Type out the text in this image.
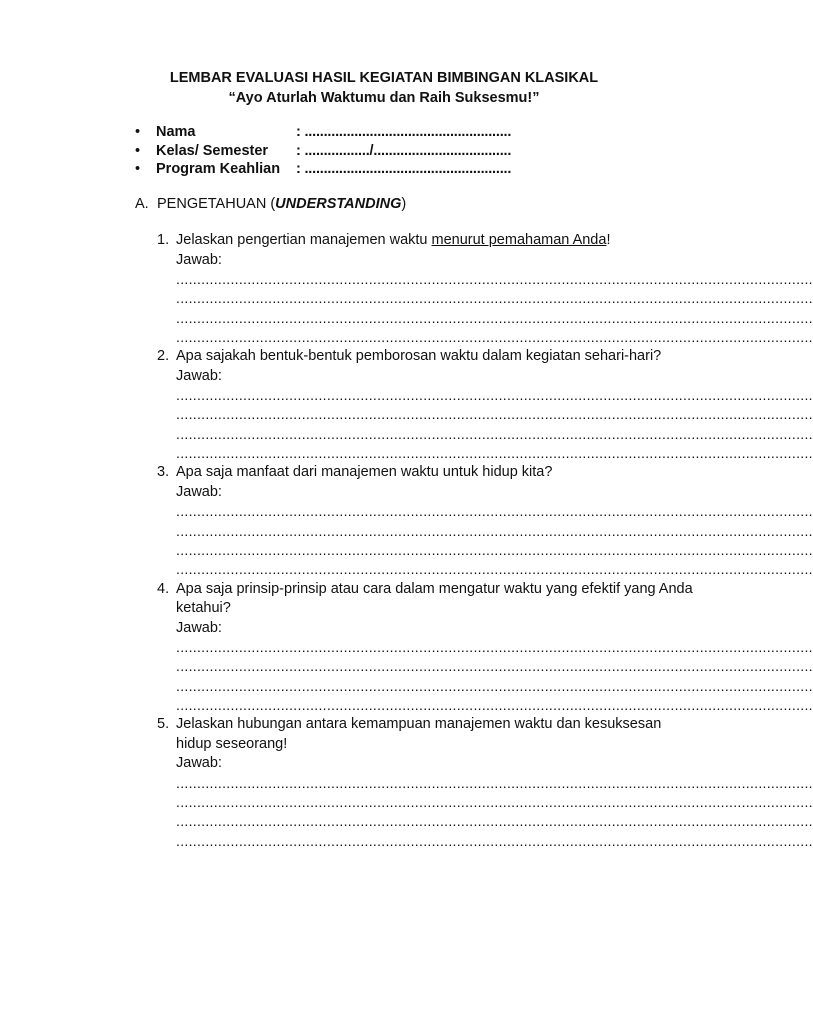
LEMBAR EVALUASI HASIL KEGIATAN BIMBINGAN KLASIKAL
“Ayo Aturlah Waktumu dan Raih Suksesmu!”
•	Nama	: ......................................................
•	Kelas/ Semester	: ................./....................................
•	Program Keahlian	: ......................................................
A. PENGETAHUAN (UNDERSTANDING)
1. Jelaskan pengertian manajemen waktu menurut pemahaman Anda!
Jawab:
........................................................................................................................................................
........................................................................................................................................................
........................................................................................................................................................
........................................................................................................................................................
2. Apa sajakah bentuk-bentuk pemborosan waktu dalam kegiatan sehari-hari?
Jawab:
........................................................................................................................................................
........................................................................................................................................................
........................................................................................................................................................
........................................................................................................................................................
3. Apa saja manfaat dari manajemen waktu untuk hidup kita?
Jawab:
........................................................................................................................................................
........................................................................................................................................................
........................................................................................................................................................
........................................................................................................................................................
4. Apa saja prinsip-prinsip atau cara dalam mengatur waktu yang efektif yang Anda ketahui?
Jawab:
........................................................................................................................................................
........................................................................................................................................................
........................................................................................................................................................
........................................................................................................................................................
5. Jelaskan hubungan antara kemampuan manajemen waktu dan kesuksesan hidup seseorang!
Jawab:
........................................................................................................................................................
........................................................................................................................................................
........................................................................................................................................................
........................................................................................................................................................
